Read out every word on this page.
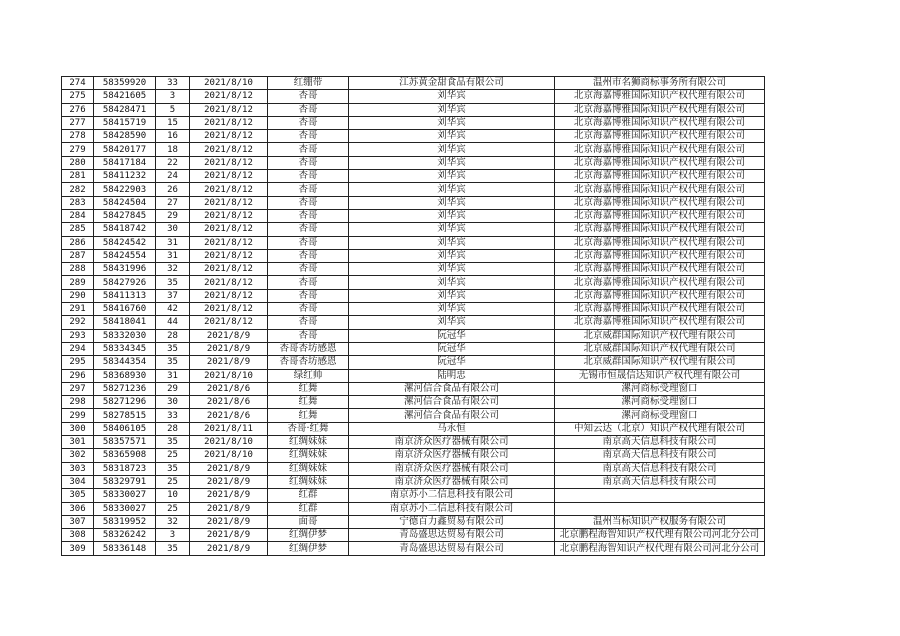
274	58359920	33	2021/8/10	红绷带	江苏黄金甜食品有限公司	温州市名狮商标事务所有限公司
275	58421605	3	2021/8/12	杏哥	刘华宾	北京海嘉博雅国际知识产权代理有限公司
276	58428471	5	2021/8/12	杏哥	刘华宾	北京海嘉博雅国际知识产权代理有限公司
277	58415719	15	2021/8/12	杏哥	刘华宾	北京海嘉博雅国际知识产权代理有限公司
278	58428590	16	2021/8/12	杏哥	刘华宾	北京海嘉博雅国际知识产权代理有限公司
279	58420177	18	2021/8/12	杏哥	刘华宾	北京海嘉博雅国际知识产权代理有限公司
280	58417184	22	2021/8/12	杏哥	刘华宾	北京海嘉博雅国际知识产权代理有限公司
281	58411232	24	2021/8/12	杏哥	刘华宾	北京海嘉博雅国际知识产权代理有限公司
282	58422903	26	2021/8/12	杏哥	刘华宾	北京海嘉博雅国际知识产权代理有限公司
283	58424504	27	2021/8/12	杏哥	刘华宾	北京海嘉博雅国际知识产权代理有限公司
284	58427845	29	2021/8/12	杏哥	刘华宾	北京海嘉博雅国际知识产权代理有限公司
285	58418742	30	2021/8/12	杏哥	刘华宾	北京海嘉博雅国际知识产权代理有限公司
286	58424542	31	2021/8/12	杏哥	刘华宾	北京海嘉博雅国际知识产权代理有限公司
287	58424554	31	2021/8/12	杏哥	刘华宾	北京海嘉博雅国际知识产权代理有限公司
288	58431996	32	2021/8/12	杏哥	刘华宾	北京海嘉博雅国际知识产权代理有限公司
289	58427926	35	2021/8/12	杏哥	刘华宾	北京海嘉博雅国际知识产权代理有限公司
290	58411313	37	2021/8/12	杏哥	刘华宾	北京海嘉博雅国际知识产权代理有限公司
291	58416760	42	2021/8/12	杏哥	刘华宾	北京海嘉博雅国际知识产权代理有限公司
292	58418041	44	2021/8/12	杏哥	刘华宾	北京海嘉博雅国际知识产权代理有限公司
293	58332030	28	2021/8/9	杏哥	阮冠华	北京威群国际知识产权代理有限公司
294	58334345	35	2021/8/9	杏哥杏坊感恩	阮冠华	北京威群国际知识产权代理有限公司
295	58344354	35	2021/8/9	杏哥杏坊感恩	阮冠华	北京威群国际知识产权代理有限公司
296	58368930	31	2021/8/10	绿红帅	陆明忠	无锡市恒晟信达知识产权代理有限公司
297	58271236	29	2021/8/6	红舞	漯河信合食品有限公司	漯河商标受理窗口
298	58271296	30	2021/8/6	红舞	漯河信合食品有限公司	漯河商标受理窗口
299	58278515	33	2021/8/6	红舞	漯河信合食品有限公司	漯河商标受理窗口
300	58406105	28	2021/8/11	杏哥·红舞	马永恒	中知云达（北京）知识产权代理有限公司
301	58357571	35	2021/8/10	红绸妹妹	南京济众医疗器械有限公司	南京高天信息科技有限公司
302	58365908	25	2021/8/10	红绸妹妹	南京济众医疗器械有限公司	南京高天信息科技有限公司
303	58318723	35	2021/8/9	红绸妹妹	南京济众医疗器械有限公司	南京高天信息科技有限公司
304	58329791	25	2021/8/9	红绸妹妹	南京济众医疗器械有限公司	南京高天信息科技有限公司
305	58330027	10	2021/8/9	红群	南京苏小二信息科技有限公司	
306	58330027	25	2021/8/9	红群	南京苏小二信息科技有限公司	
307	58319952	32	2021/8/9	面哥	宁德百力鑫贸易有限公司	温州当标知识产权服务有限公司
308	58326242	3	2021/8/9	红绸伊梦	青岛盛思达贸易有限公司	北京鹏程海智知识产权代理有限公司河北分公司
309	58336148	35	2021/8/9	红绸伊梦	青岛盛思达贸易有限公司	北京鹏程海智知识产权代理有限公司河北分公司
